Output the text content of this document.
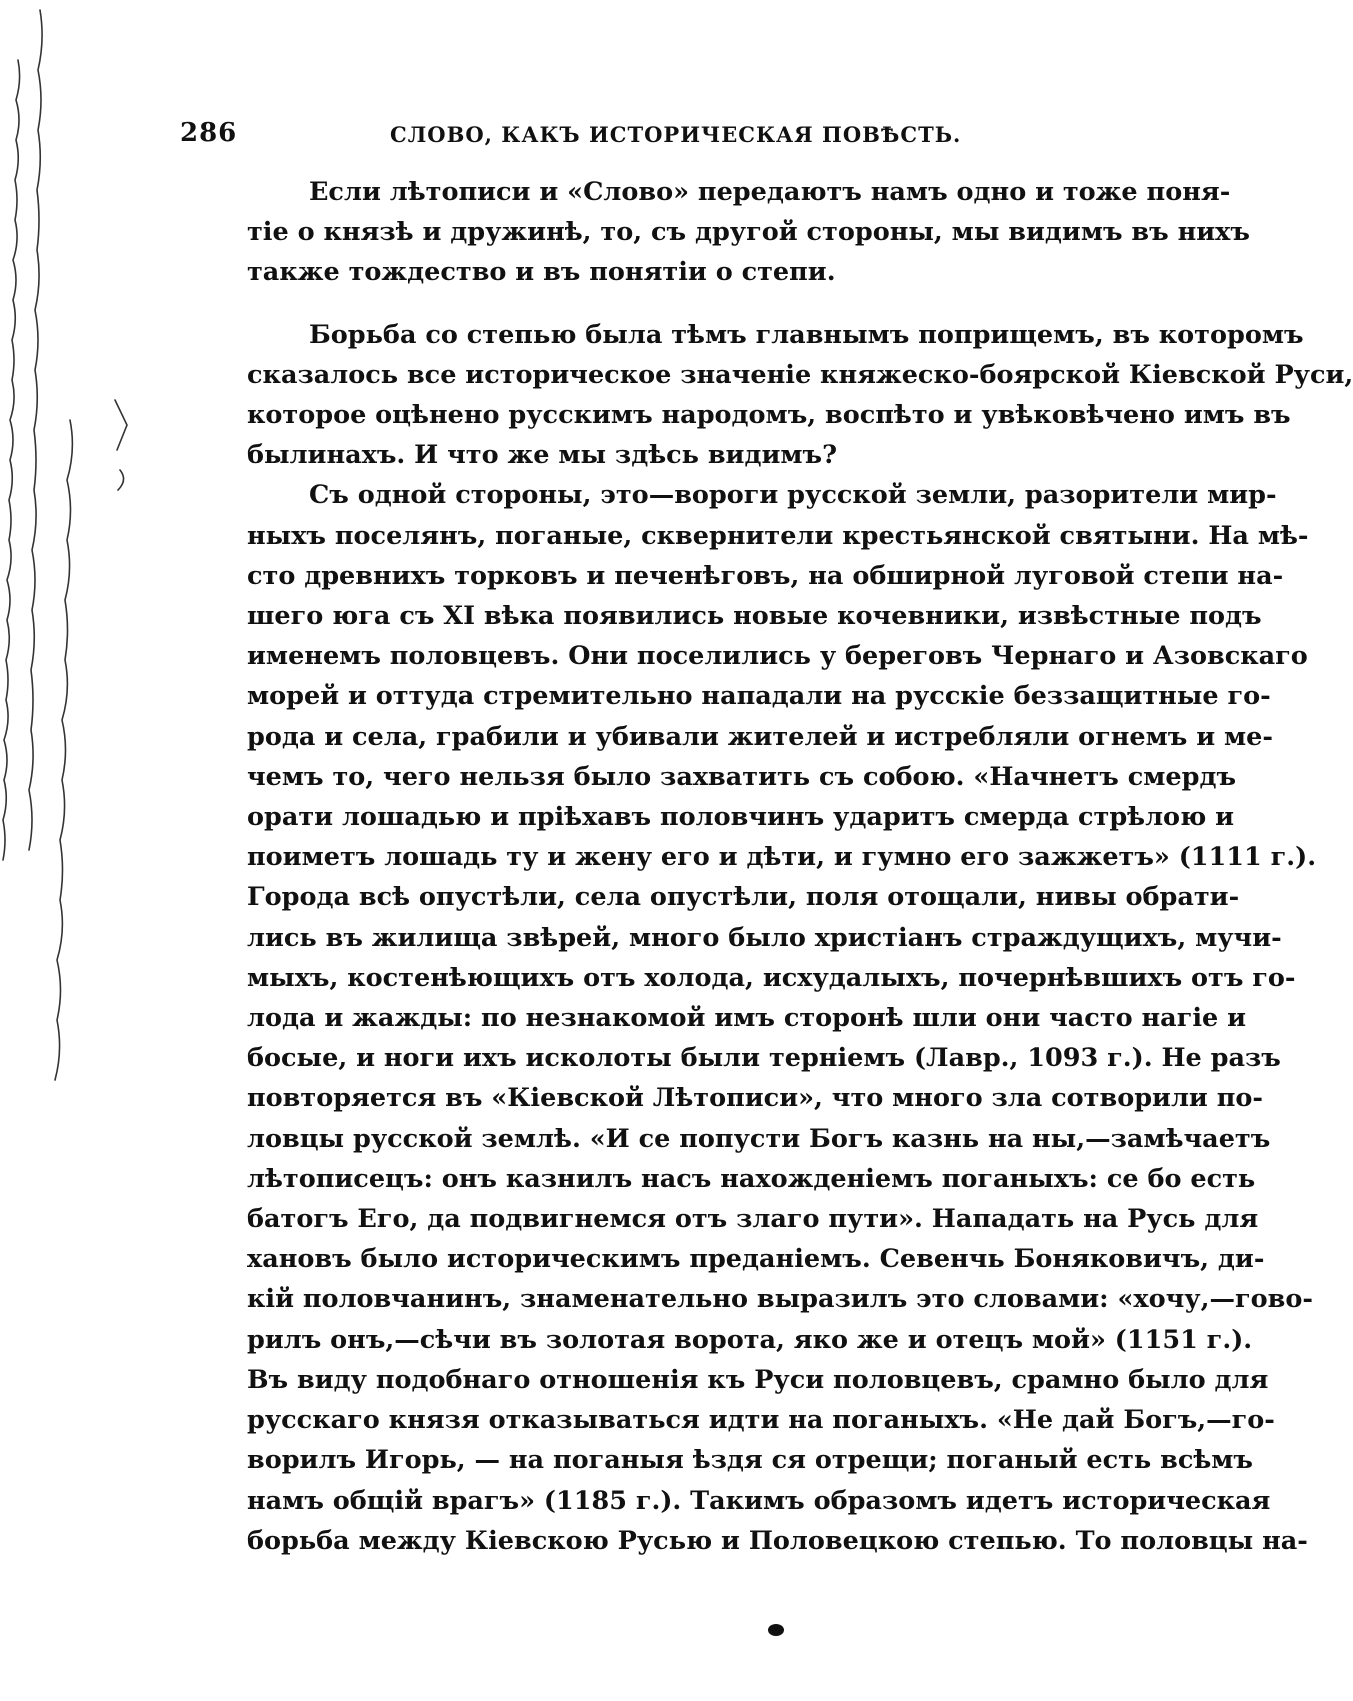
286	СЛОВО, КАКЪ ИСТОРИЧЕСКАЯ ПОВѢСТЬ.
Если лѣтописи и «Слово» передаютъ намъ одно и тоже поня-
тіе о князѣ и дружинѣ, то, съ другой стороны, мы видимъ въ нихъ
также тождество и въ понятіи о степи.
Борьба со степью была тѣмъ главнымъ поприщемъ, въ которомъ
сказалось все историческое значеніе княжеско-боярской Кіевской Руси,
которое оцѣнено русскимъ народомъ, воспѣто и увѣковѣчено имъ въ
былинахъ. И что же мы здѣсь видимъ?
Съ одной стороны, это—вороги русской земли, разорители мир-
ныхъ поселянъ, поганые, сквернители крестьянской святыни. На мѣ-
сто древнихъ торковъ и печенѣговъ, на обширной луговой степи на-
шего юга съ XI вѣка появились новые кочевники, извѣстные подъ
именемъ половцевъ. Они поселились у береговъ Чернаго и Азовскаго
морей и оттуда стремительно нападали на русскіе беззащитные го-
рода и села, грабили и убивали жителей и истребляли огнемъ и ме-
чемъ то, чего нельзя было захватить съ собою. «Начнетъ смердъ
орати лошадью и пріѣхавъ половчинъ ударитъ смерда стрѣлою и
поиметъ лошадь ту и жену его и дѣти, и гумно его зажжетъ» (1111 г.).
Города всѣ опустѣли, села опустѣли, поля отощали, нивы обрати-
лись въ жилища звѣрей, много было христіанъ страждущихъ, мучи-
мыхъ, костенѣющихъ отъ холода, исхудалыхъ, почернѣвшихъ отъ го-
лода и жажды: по незнакомой имъ сторонѣ шли они часто нагіе и
босые, и ноги ихъ исколоты были терніемъ (Лавр., 1093 г.). Не разъ
повторяется въ «Кіевской Лѣтописи», что много зла сотворили по-
ловцы русской землѣ. «И се попусти Богъ казнь на ны,—замѣчаетъ
лѣтописецъ: онъ казнилъ насъ нахожденіемъ поганыхъ: се бо есть
батогъ Его, да подвигнемся отъ злаго пути». Нападать на Русь для
хановъ было историческимъ преданіемъ. Севенчь Боняковичъ, ди-
кій половчанинъ, знаменательно выразилъ это словами: «хочу,—гово-
рилъ онъ,—сѣчи въ золотая ворота, яко же и отецъ мой» (1151 г.).
Въ виду подобнаго отношенія къ Руси половцевъ, срамно было для
русскаго князя отказываться идти на поганыхъ. «Не дай Богъ,—го-
ворилъ Игорь, — на поганыя ѣздя ся отрещи; поганый есть всѣмъ
намъ общій врагъ» (1185 г.). Такимъ образомъ идетъ историческая
борьба между Кіевскою Русью и Половецкою степью. То половцы на-
